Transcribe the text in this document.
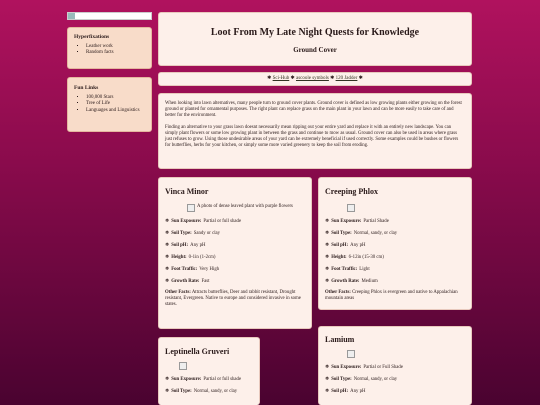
Hyperfixations
▪ Leather work
▪ Random facts
Fun Links
▪ 100,000 Stars
▪ Tree of Life
▪ Languages and Linguistics
Loot From My Late Night Quests for Knowledge
Ground Cover
✱ Sci-Hub ✱ ascoole symbols ✱ 120 Jadder ✱

When looking into lawn alternatives, many people turn to ground cover plants. Ground cover is defined as low growing plants either growing on the forest ground or planted for ornamental purposes. The right plant can replace grass on the main plant in your lawn and can be more easily to take care of and better for the environment.

Finding an alternative to your grass lawn doesnt necessarily mean ripping out your entire yard and replace it with an entirely new landscape. You can simply plant flowers or some low growing plant in between the grass and continue to mow as usual. Ground cover can also be used in areas where grass just refuses to grow. Using those undesirable areas of your yard can be extremely beneficial if used correctly. Some examples could be bushes or flowers for butterflies, herbs for your kitchen, or simply some more varied greenery to keep the soil from eroding.

Vinca Minor
A photo of dense leaved plant with purple flowers
❅ Sun Exposure: Partial or full shade
❅ Soil Type: Sandy or clay
❅ Soil pH: Any pH
❅ Height: 0-1in (1-2cm)
❅ Foot Traffic: Very High
❅ Growth Rate: Fast
Other Facts: Attracts butterflies, Deer and rabbit resistant, Drought resistant, Evergreen. Native to europe and considered invasive in some states.
Creeping Phlox
❅ Sun Exposure: Partial Shade
❅ Soil Type: Normal, sandy, or clay
❅ Soil pH: Any pH
❅ Height: 6-12in (15-30 cm)
❅ Foot Traffic: Light
❅ Growth Rate: Medium
Other Facts: Creeping Phlox is evergreen and native to Appalachian mountain areas
Leptinella Gruveri
❅ Sun Exposure: Partial or full shade
❅ Soil Type: Normal, sandy, or clay
Lamium
❅ Sun Exposure: Partial or Full Shade
❅ Soil Type: Normal, sandy, or clay
❅ Soil pH: Any pH
